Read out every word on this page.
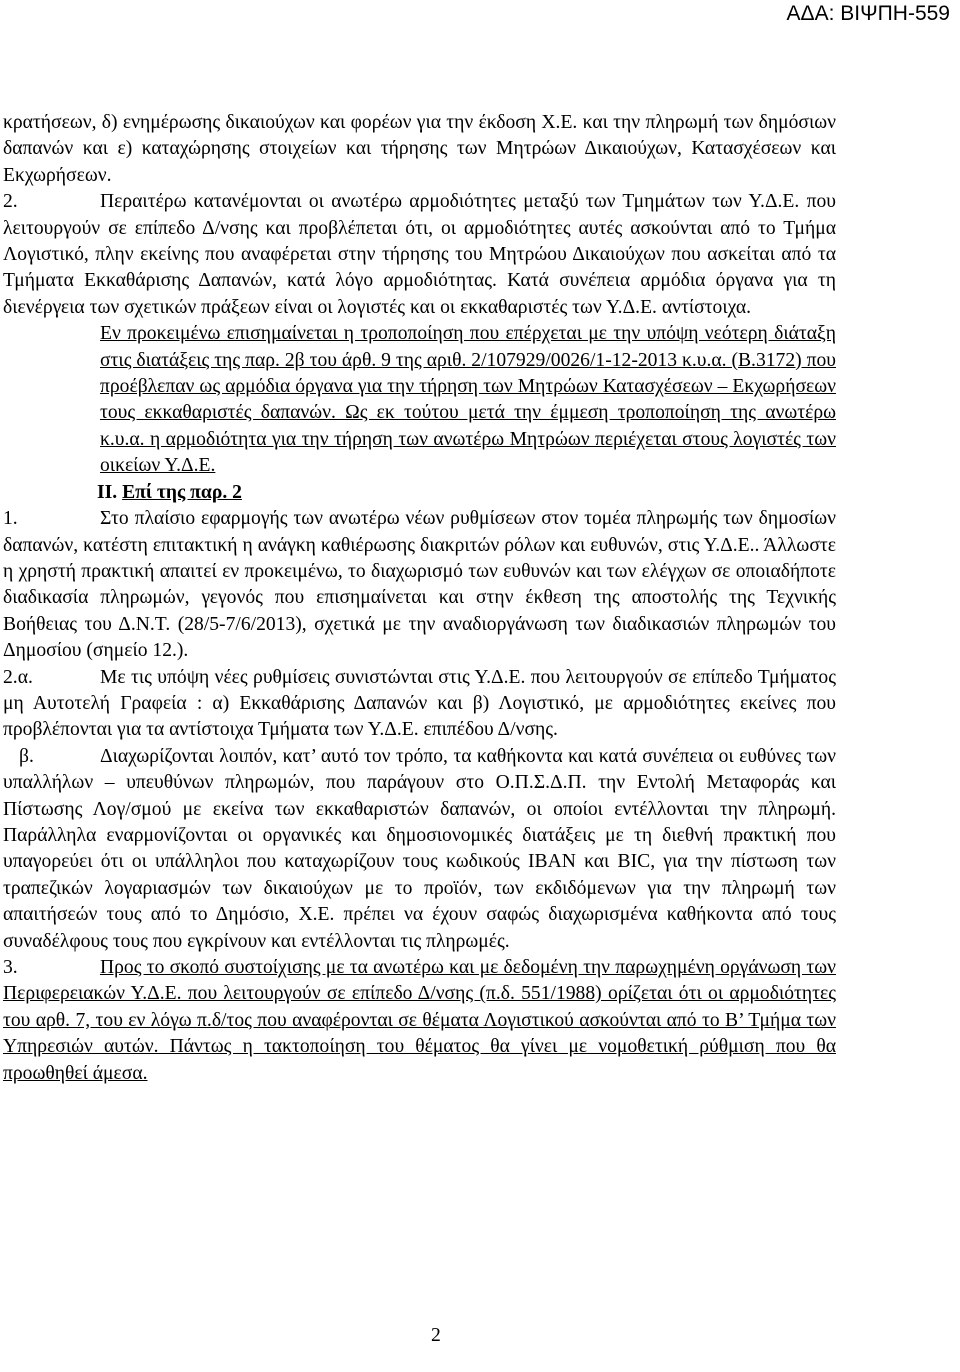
ΑΔΑ: ΒΙΨΠΗ-559

κρατήσεων, δ) ενημέρωσης δικαιούχων και φορέων για την έκδοση Χ.Ε. και την πληρωμή των δημόσιων δαπανών και ε) καταχώρησης στοιχείων και τήρησης των Μητρώων Δικαιούχων, Κατασχέσεων και Εκχωρήσεων.

2.	Περαιτέρω κατανέμονται οι ανωτέρω αρμοδιότητες μεταξύ των Τμημάτων των Υ.Δ.Ε. που λειτουργούν σε επίπεδο Δ/νσης και προβλέπεται ότι, οι αρμοδιότητες αυτές ασκούνται από το Τμήμα Λογιστικό, πλην εκείνης που αναφέρεται στην τήρησης του Μητρώου Δικαιούχων που ασκείται από τα Τμήματα Εκκαθάρισης Δαπανών, κατά λόγο αρμοδιότητας. Κατά συνέπεια αρμόδια όργανα για τη διενέργεια των σχετικών πράξεων είναι οι λογιστές και οι εκκαθαριστές των Υ.Δ.Ε. αντίστοιχα.

Εν προκειμένω επισημαίνεται η τροποποίηση που επέρχεται με την υπόψη νεότερη διάταξη στις διατάξεις της παρ. 2β του άρθ. 9 της αριθ. 2/107929/0026/1-12-2013 κ.υ.α. (Β.3172) που προέβλεπαν ως αρμόδια όργανα για την τήρηση των Μητρώων Κατασχέσεων – Εκχωρήσεων τους εκκαθαριστές δαπανών. Ως εκ τούτου μετά την έμμεση τροποποίηση της ανωτέρω κ.υ.α. η αρμοδιότητα για την τήρηση των ανωτέρω Μητρώων περιέχεται στους λογιστές των οικείων Υ.Δ.Ε.

ΙΙ. Επί της παρ. 2

1.	Στο πλαίσιο εφαρμογής των ανωτέρω νέων ρυθμίσεων στον τομέα πληρωμής των δημοσίων δαπανών, κατέστη επιτακτική η ανάγκη καθιέρωσης διακριτών ρόλων και ευθυνών, στις Υ.Δ.Ε.. Άλλωστε η χρηστή πρακτική απαιτεί εν προκειμένω, το διαχωρισμό των ευθυνών και των ελέγχων σε οποιαδήποτε διαδικασία πληρωμών, γεγονός που επισημαίνεται και στην έκθεση της αποστολής της Τεχνικής Βοήθειας του Δ.Ν.Τ. (28/5-7/6/2013), σχετικά με την αναδιοργάνωση των διαδικασιών πληρωμών του Δημοσίου (σημείο 12.).

2.α.	Με τις υπόψη νέες ρυθμίσεις συνιστώνται στις Υ.Δ.Ε. που λειτουργούν σε επίπεδο Τμήματος μη Αυτοτελή Γραφεία : α) Εκκαθάρισης Δαπανών και β) Λογιστικό, με αρμοδιότητες εκείνες που προβλέπονται για τα αντίστοιχα Τμήματα των Υ.Δ.Ε. επιπέδου Δ/νσης.

β.	Διαχωρίζονται λοιπόν, κατ’ αυτό τον τρόπο, τα καθήκοντα και κατά συνέπεια οι ευθύνες των υπαλλήλων – υπευθύνων πληρωμών, που παράγουν στο Ο.Π.Σ.Δ.Π. την Εντολή Μεταφοράς και Πίστωσης Λογ/σμού με εκείνα των εκκαθαριστών δαπανών, οι οποίοι εντέλλονται την πληρωμή. Παράλληλα εναρμονίζονται οι οργανικές και δημοσιονομικές διατάξεις με τη διεθνή πρακτική που υπαγορεύει ότι οι υπάλληλοι που καταχωρίζουν τους κωδικούς IBAN και BIC, για την πίστωση των τραπεζικών λογαριασμών των δικαιούχων με το προϊόν, των εκδιδόμενων για την πληρωμή των απαιτήσεών τους από το Δημόσιο, Χ.Ε. πρέπει να έχουν σαφώς διαχωρισμένα καθήκοντα από τους συναδέλφους τους που εγκρίνουν και εντέλλονται τις πληρωμές.

3.	Προς το σκοπό συστοίχισης με τα ανωτέρω και με δεδομένη την παρωχημένη οργάνωση των Περιφερειακών Υ.Δ.Ε. που λειτουργούν σε επίπεδο Δ/νσης (π.δ. 551/1988) ορίζεται ότι οι αρμοδιότητες του αρθ. 7, του εν λόγω π.δ/τος που αναφέρονται σε θέματα Λογιστικού ασκούνται από το Β’ Τμήμα των Υπηρεσιών αυτών. Πάντως η τακτοποίηση του θέματος θα γίνει με νομοθετική ρύθμιση που θα προωθηθεί άμεσα.

2
